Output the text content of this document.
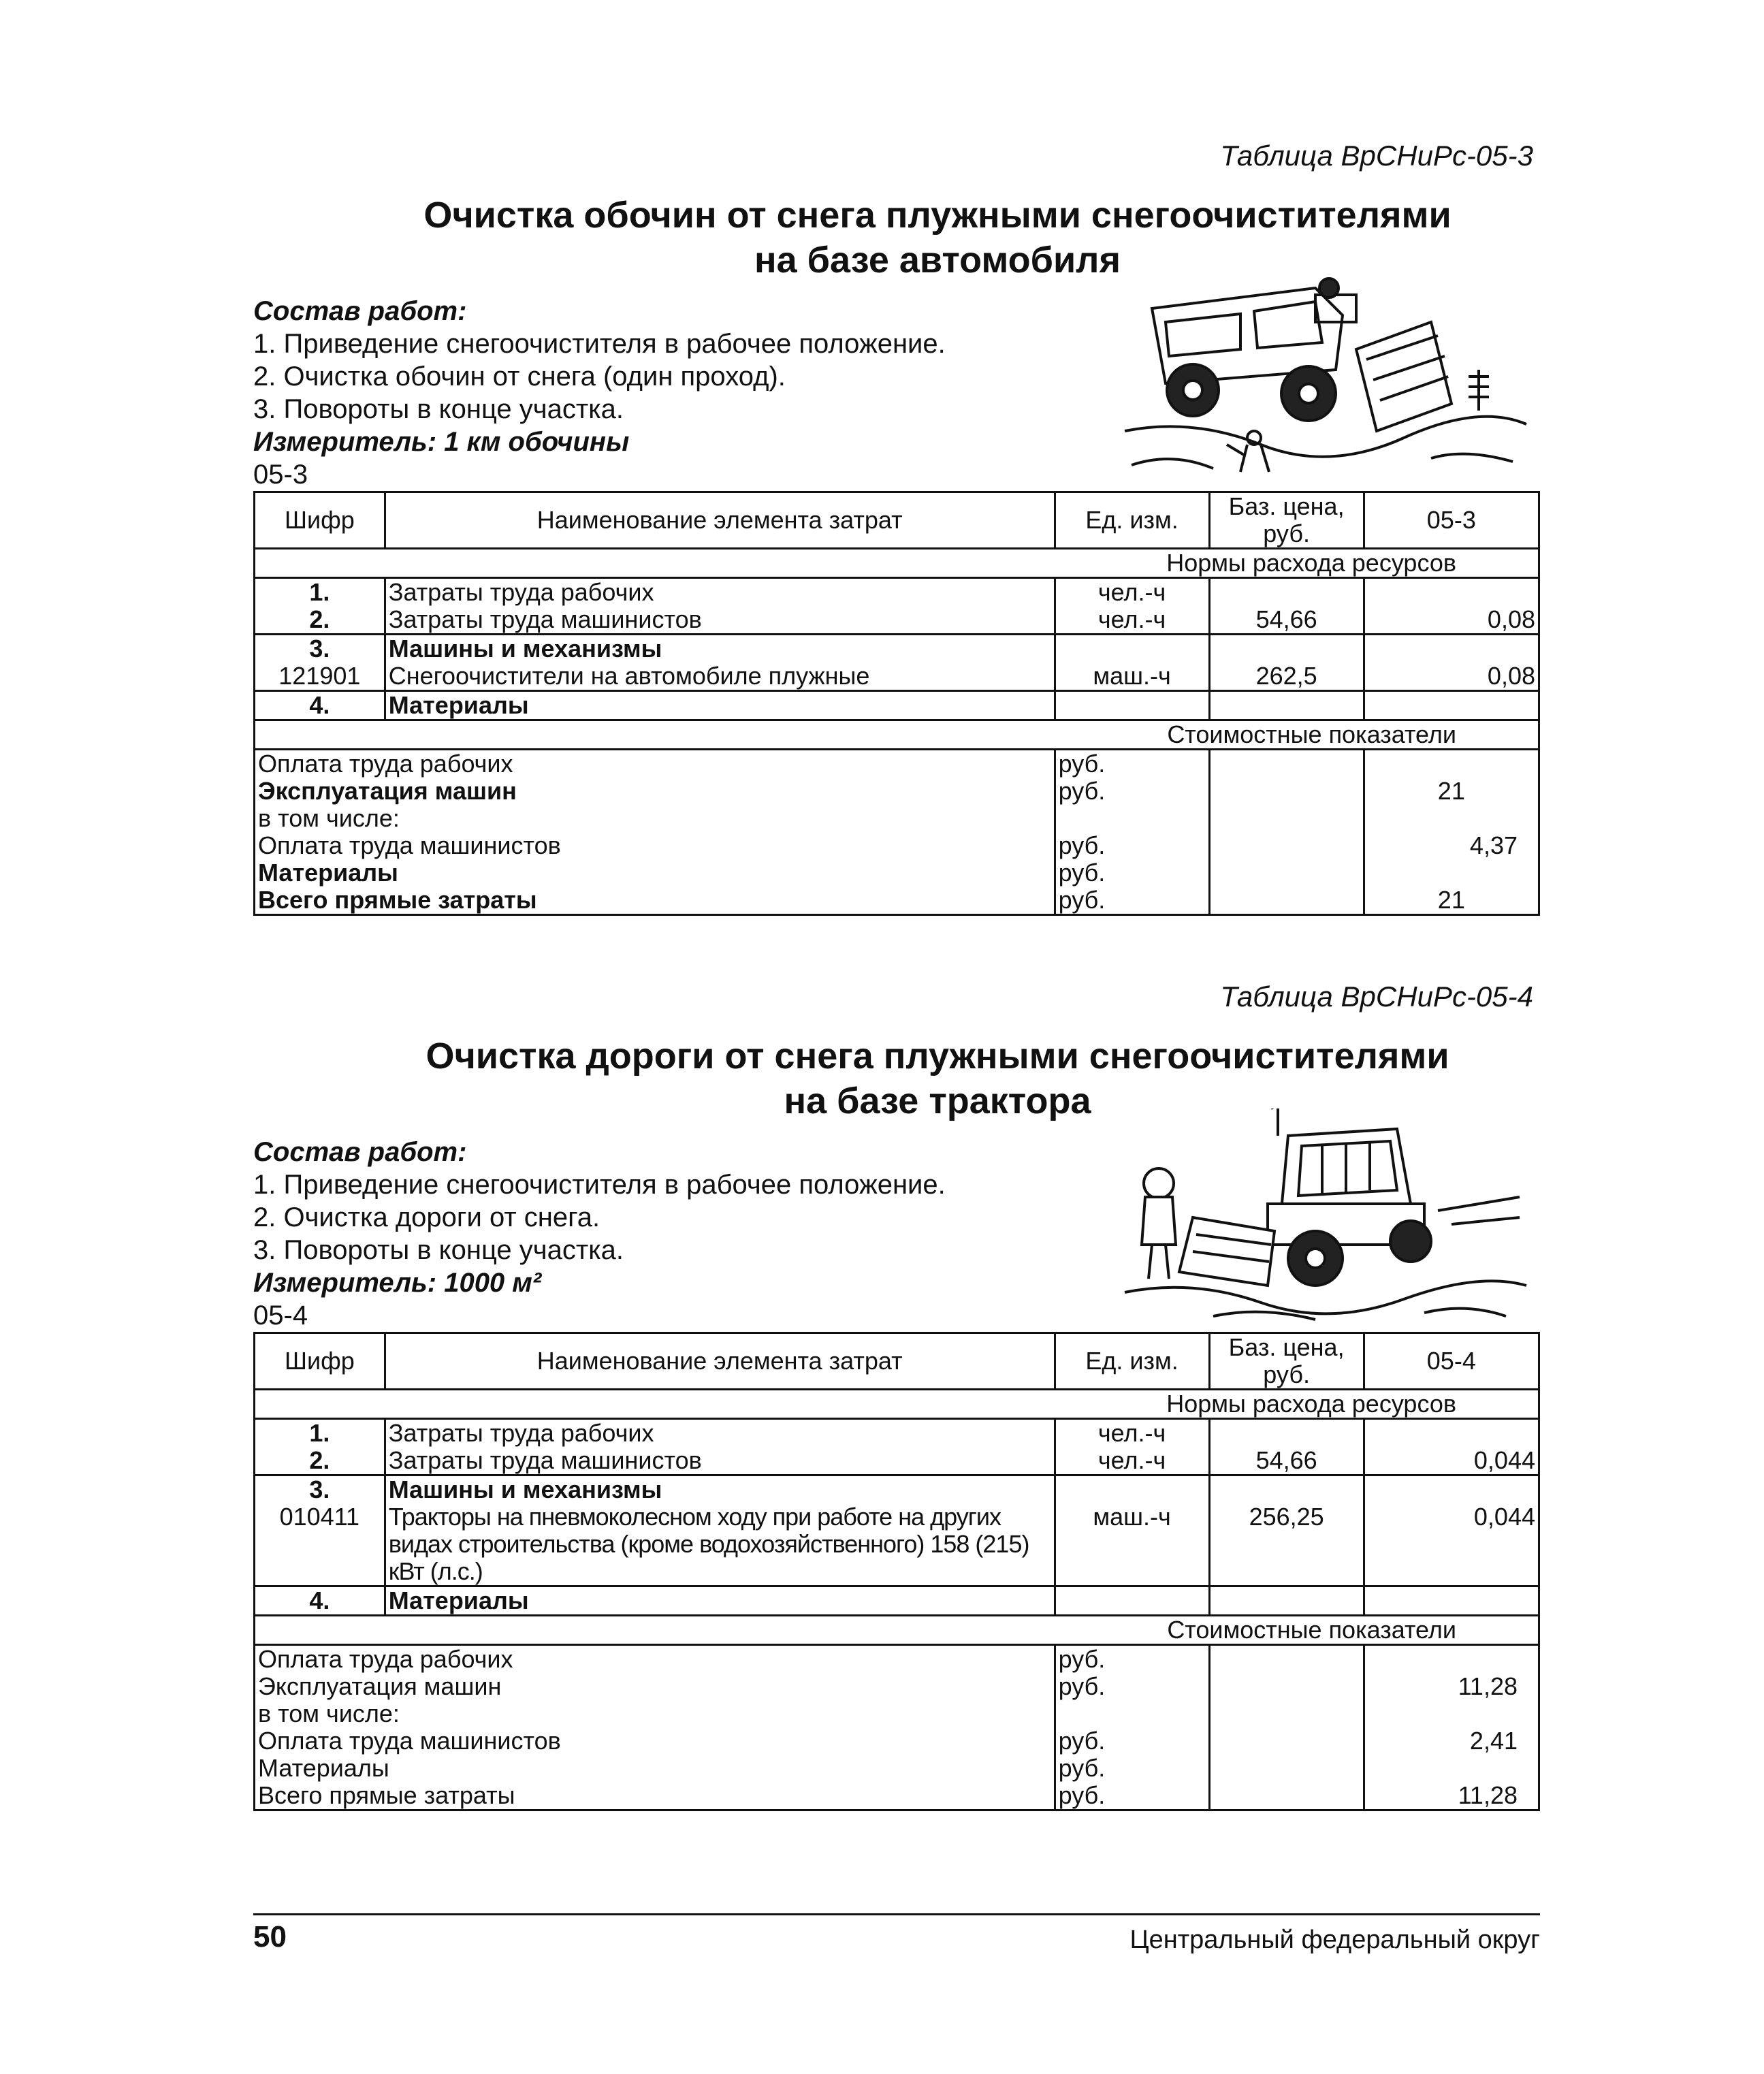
Таблица ВрСНиРс-05-3
Очистка обочин от снега плужными снегоочистителями
на базе автомобиля
Состав работ:
1. Приведение снегоочистителя в рабочее положение.
2. Очистка обочин от снега (один проход).
3. Повороты в конце участка.
Измеритель: 1 км обочины
05-3
Шифр	Наименование элемента затрат	Ед. изм.	Баз. цена, руб.	05-3
Нормы расхода ресурсов				
1.	Затраты труда рабочих	чел.-ч		
2.	Затраты труда машинистов	чел.-ч	54,66	0,08
3.	Машины и механизмы			
121901	Снегоочистители на автомобиле плужные	маш.-ч	262,5	0,08
4.	Материалы			
Стоимостные показатели				
Оплата труда рабочих		руб.		
Эксплуатация машин		руб.		21
в том числе:				
Оплата труда машинистов		руб.		4,37
Материалы		руб.		
Всего прямые затраты		руб.		21
Таблица ВрСНиРс-05-4
Очистка дороги от снега плужными снегоочистителями
на базе трактора
Состав работ:
1. Приведение снегоочистителя в рабочее положение.
2. Очистка дороги от снега.
3. Повороты в конце участка.
Измеритель: 1000 м²
05-4
Шифр	Наименование элемента затрат	Ед. изм.	Баз. цена, руб.	05-4
Нормы расхода ресурсов				
1.	Затраты труда рабочих	чел.-ч		
2.	Затраты труда машинистов	чел.-ч	54,66	0,044
3.	Машины и механизмы			
010411	Тракторы на пневмоколесном ходу при работе на других видах строительства (кроме водохозяйственного) 158 (215) кВт (л.с.)	маш.-ч	256,25	0,044
4.	Материалы			
Стоимостные показатели				
Оплата труда рабочих		руб.		
Эксплуатация машин		руб.		11,28
в том числе:				
Оплата труда машинистов		руб.		2,41
Материалы		руб.		
Всего прямые затраты		руб.		11,28
50	Центральный федеральный округ
